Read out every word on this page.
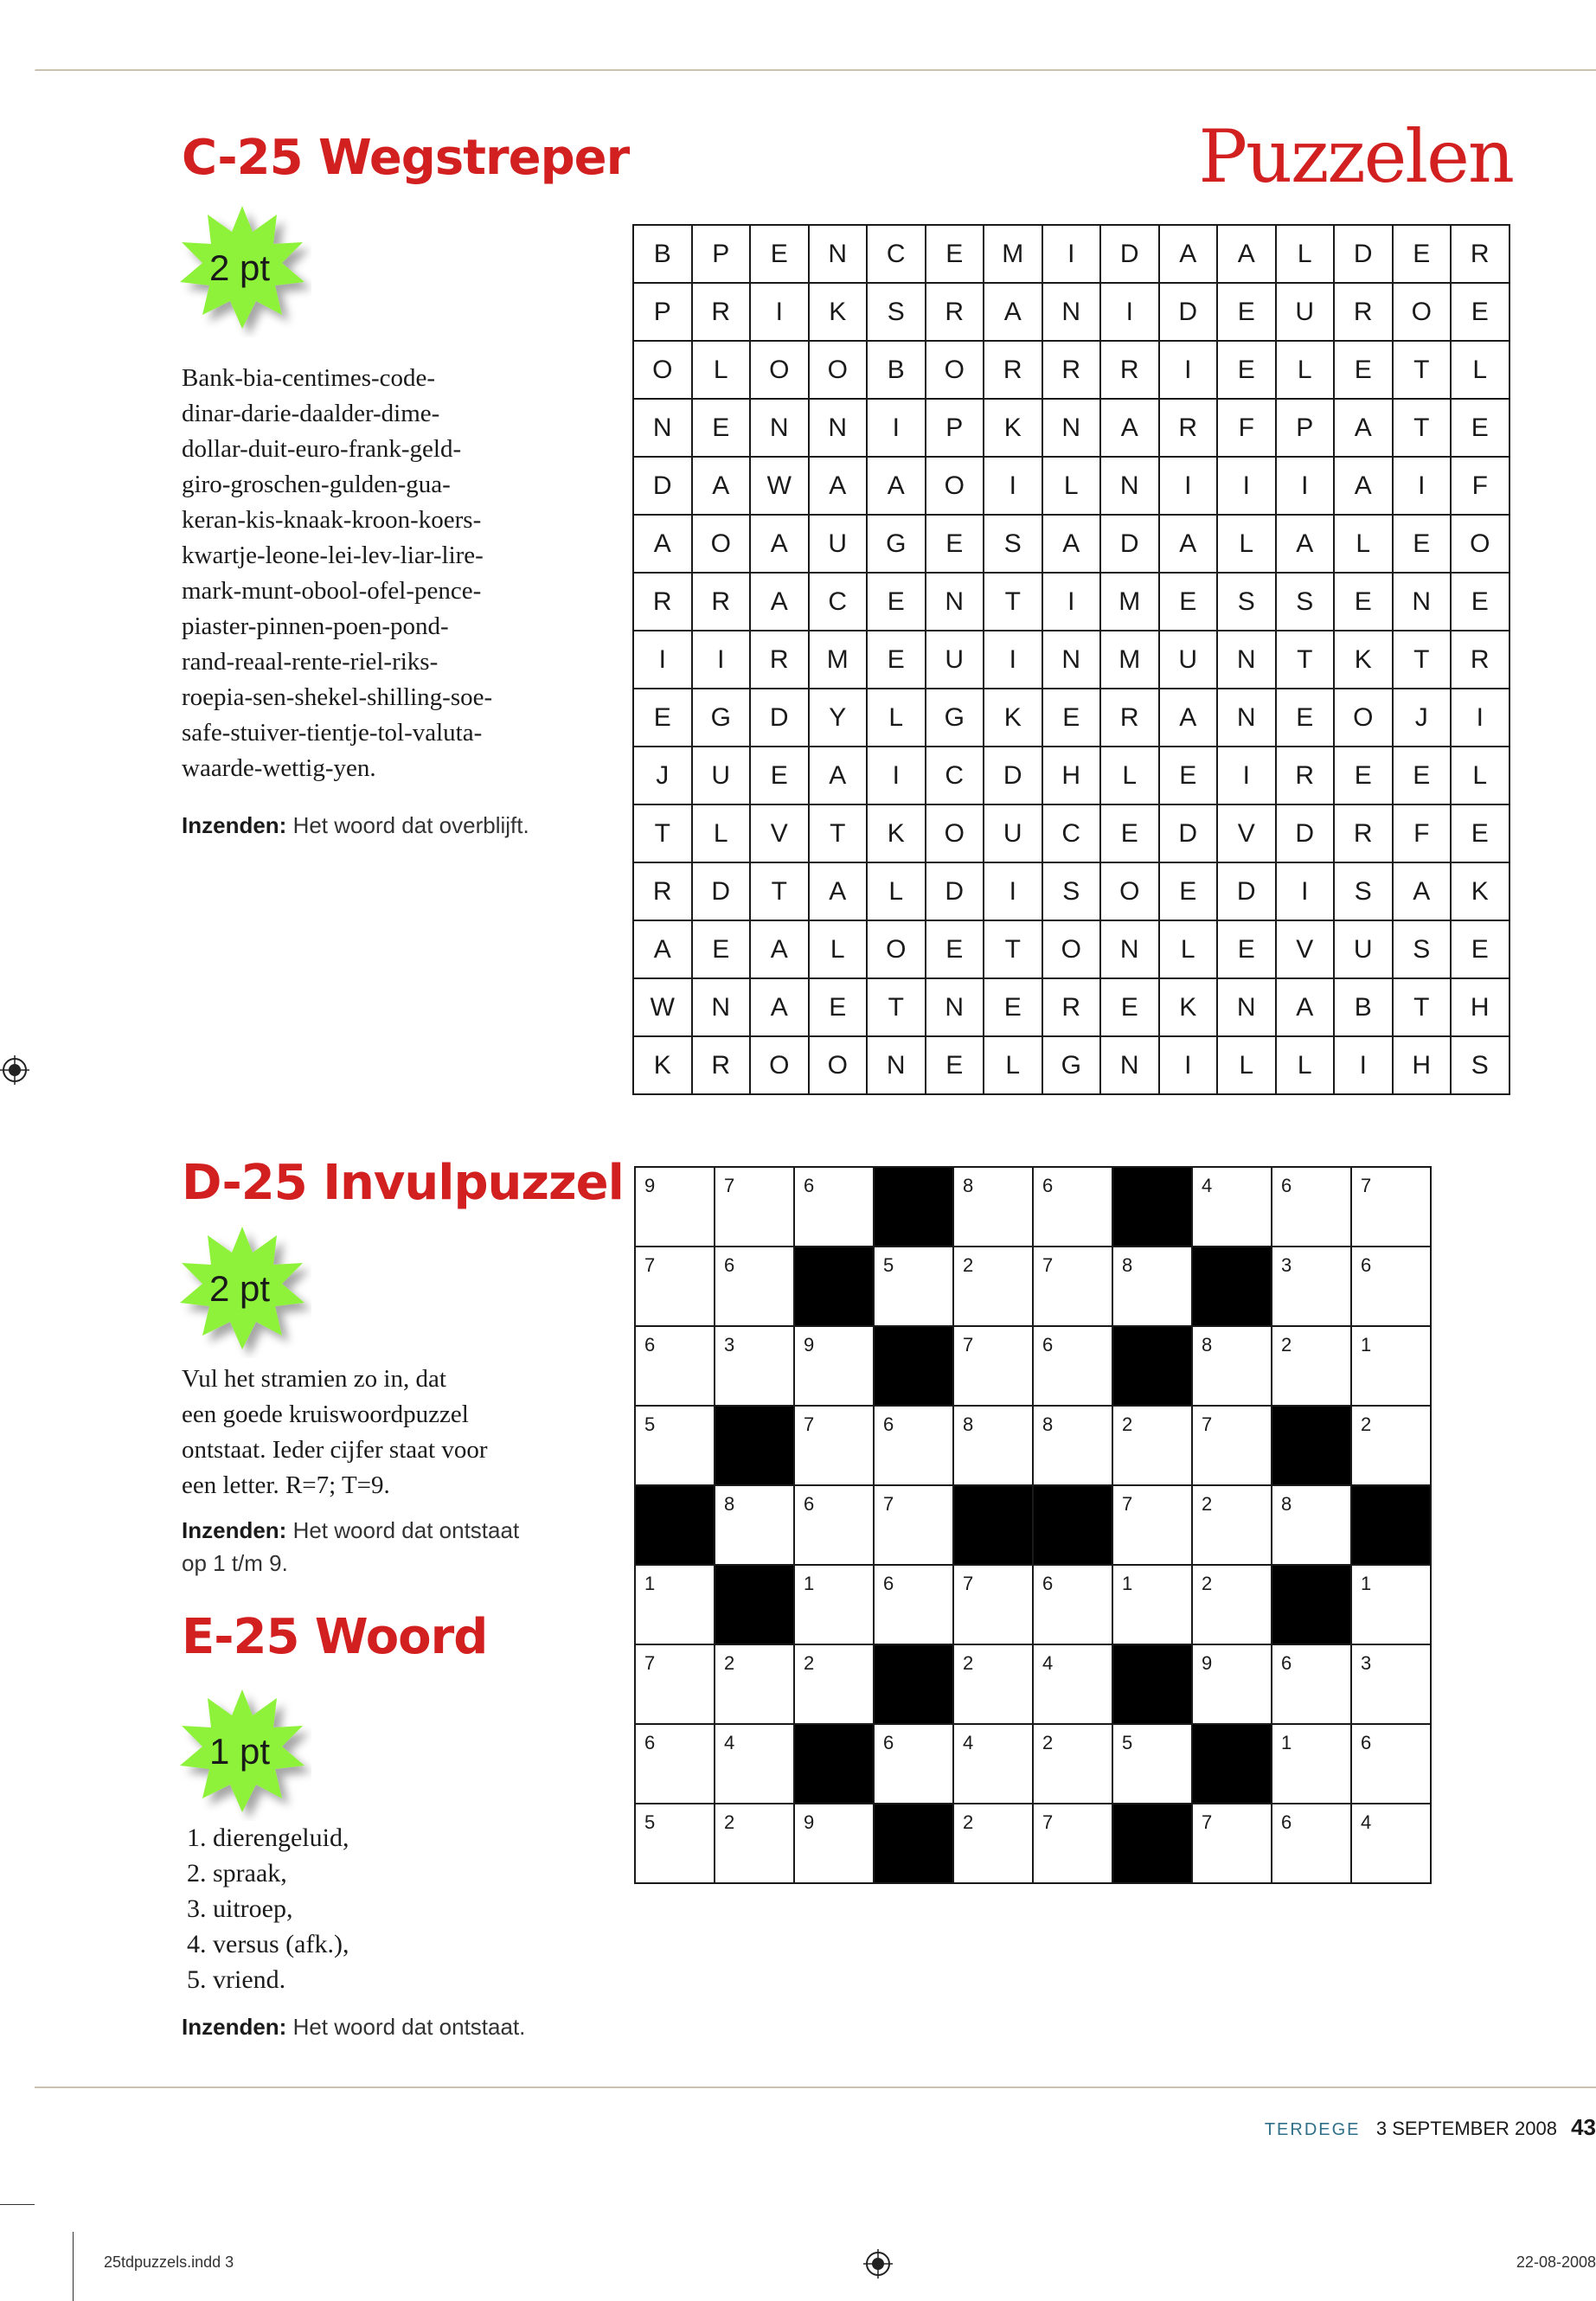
Puzzelen
C-25 Wegstreper
2 pt
Bank-bia-centimes-code-
dinar-darie-daalder-dime-
dollar-duit-euro-frank-geld-
giro-groschen-gulden-gua-
keran-kis-knaak-kroon-koers-
kwartje-leone-lei-lev-liar-lire-
mark-munt-obool-ofel-pence-
piaster-pinnen-poen-pond-
rand-reaal-rente-riel-riks-
roepia-sen-shekel-shilling-soe-
safe-stuiver-tientje-tol-valuta-
waarde-wettig-yen.
Inzenden: Het woord dat overblijft.
B	P	E	N	C	E	M	I	D	A	A	L	D	E	R
P	R	I	K	S	R	A	N	I	D	E	U	R	O	E
O	L	O	O	B	O	R	R	R	I	E	L	E	T	L
N	E	N	N	I	P	K	N	A	R	F	P	A	T	E
D	A	W	A	A	O	I	L	N	I	I	I	A	I	F
A	O	A	U	G	E	S	A	D	A	L	A	L	E	O
R	R	A	C	E	N	T	I	M	E	S	S	E	N	E
I	I	R	M	E	U	I	N	M	U	N	T	K	T	R
E	G	D	Y	L	G	K	E	R	A	N	E	O	J	I
J	U	E	A	I	C	D	H	L	E	I	R	E	E	L
T	L	V	T	K	O	U	C	E	D	V	D	R	F	E
R	D	T	A	L	D	I	S	O	E	D	I	S	A	K
A	E	A	L	O	E	T	O	N	L	E	V	U	S	E
W	N	A	E	T	N	E	R	E	K	N	A	B	T	H
K	R	O	O	N	E	L	G	N	I	L	L	I	H	S
D-25 Invulpuzzel
2 pt
Vul het stramien zo in, dat
een goede kruiswoordpuzzel
ontstaat. Ieder cijfer staat voor
een letter. R=7; T=9.
Inzenden: Het woord dat ontstaat
op 1 t/m 9.
9	7	6		8	6		4	6	7
7	6		5	2	7	8		3	6
6	3	9		7	6		8	2	1
5		7	6	8	8	2	7		2
	8	6	7			7	2	8	
1		1	6	7	6	1	2		1
7	2	2		2	4		9	6	3
6	4		6	4	2	5		1	6
5	2	9		2	7		7	6	4
E-25 Woord
1 pt
1. dierengeluid,
2. spraak,
3. uitroep,
4. versus (afk.),
5. vriend.
Inzenden: Het woord dat ontstaat.
TERDEGE 3 SEPTEMBER 2008 43
25tdpuzzels.indd 3	22-08-2008
